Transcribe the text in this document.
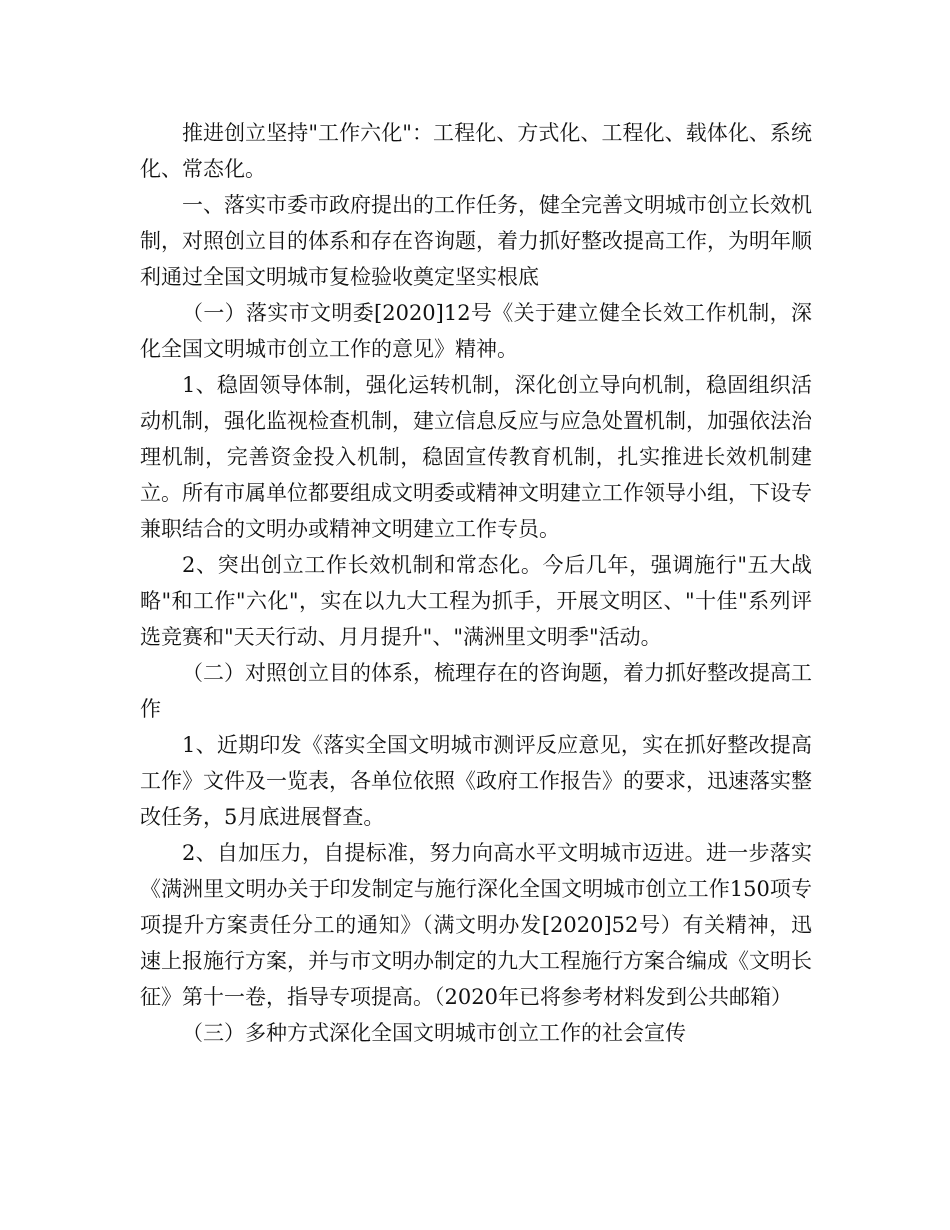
推进创立坚持"工作六化"：工程化、方式化、工程化、载体化、系统化、常态化。

一、落实市委市政府提出的工作任务，健全完善文明城市创立长效机制，对照创立目的体系和存在咨询题，着力抓好整改提高工作，为明年顺利通过全国文明城市复检验收奠定坚实根底

（一）落实市文明委[2020]12号《关于建立健全长效工作机制，深化全国文明城市创立工作的意见》精神。

1、稳固领导体制，强化运转机制，深化创立导向机制，稳固组织活动机制，强化监视检查机制，建立信息反应与应急处置机制，加强依法治理机制，完善资金投入机制，稳固宣传教育机制，扎实推进长效机制建立。所有市属单位都要组成文明委或精神文明建立工作领导小组，下设专兼职结合的文明办或精神文明建立工作专员。

2、突出创立工作长效机制和常态化。今后几年，强调施行"五大战略"和工作"六化"，实在以九大工程为抓手，开展文明区、"十佳"系列评选竞赛和"天天行动、月月提升"、"满洲里文明季"活动。

（二）对照创立目的体系，梳理存在的咨询题，着力抓好整改提高工作

1、近期印发《落实全国文明城市测评反应意见，实在抓好整改提高工作》文件及一览表，各单位依照《政府工作报告》的要求，迅速落实整改任务，5月底进展督查。

2、自加压力，自提标准，努力向高水平文明城市迈进。进一步落实《满洲里文明办关于印发制定与施行深化全国文明城市创立工作150项专项提升方案责任分工的通知》（满文明办发[2020]52号）有关精神，迅速上报施行方案，并与市文明办制定的九大工程施行方案合编成《文明长征》第十一卷，指导专项提高。（2020年已将参考材料发到公共邮箱）

（三）多种方式深化全国文明城市创立工作的社会宣传
